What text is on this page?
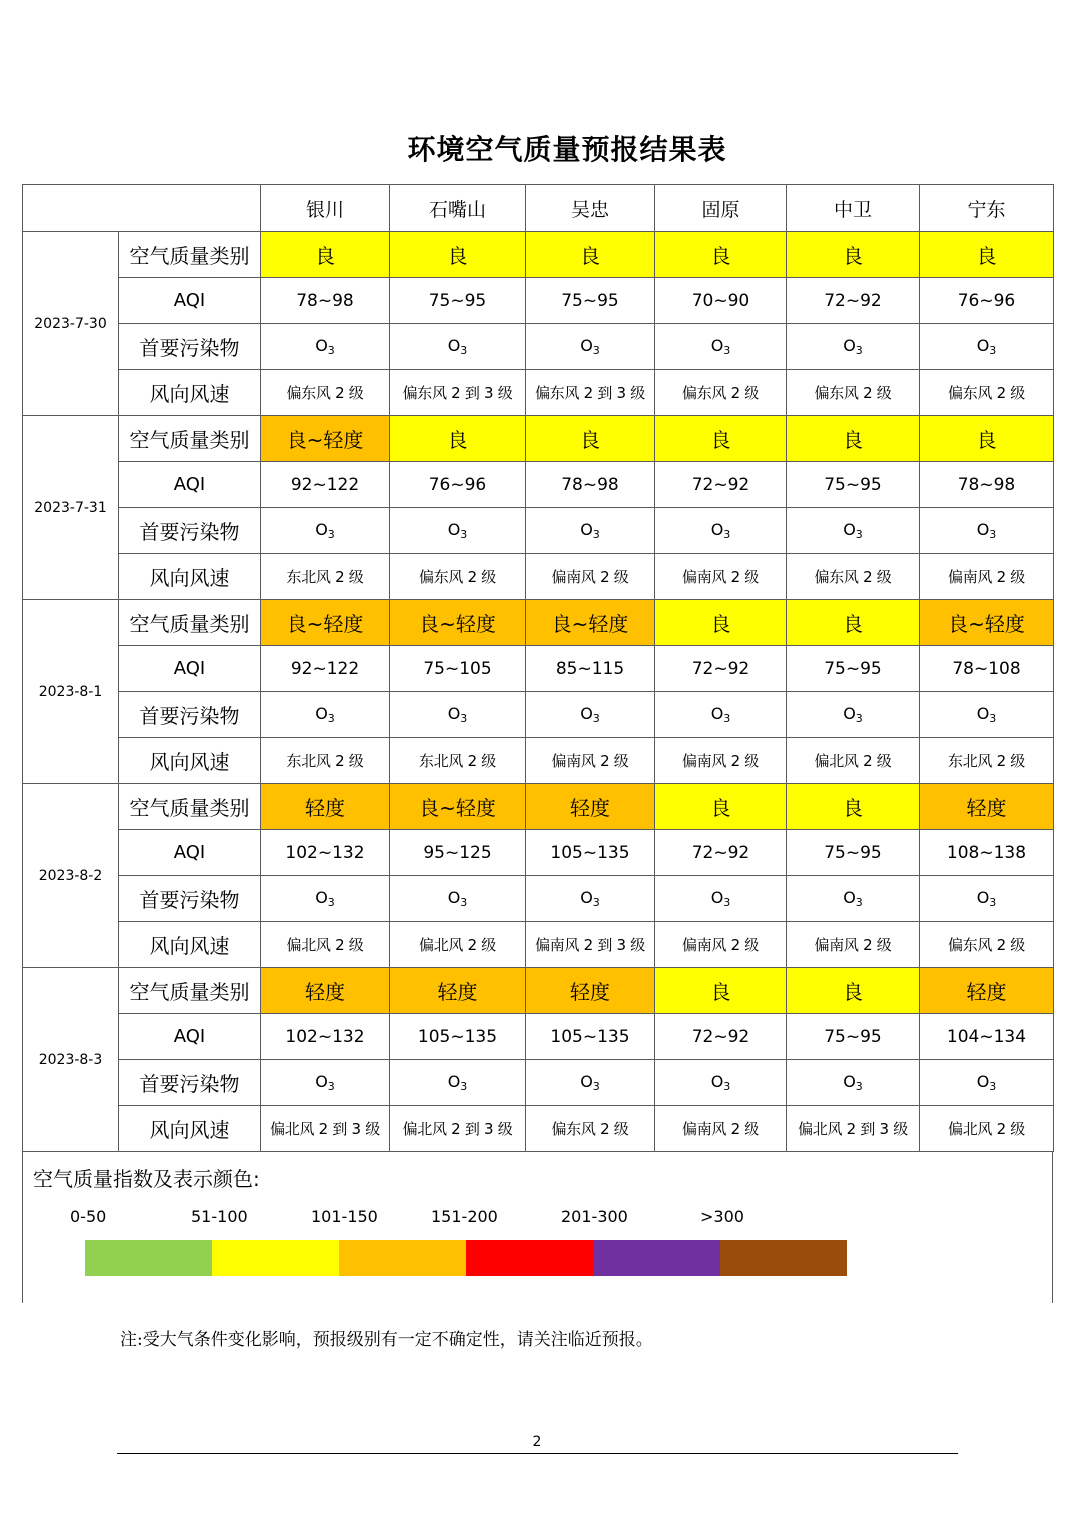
环境空气质量预报结果表
		银川	石嘴山	吴忠	固原	中卫	宁东
2023-7-30	空气质量类别	良	良	良	良	良	良
	AQI	78~98	75~95	75~95	70~90	72~92	76~96
	首要污染物	$O_3$	$O_3$	$O_3$	$O_3$	$O_3$	$O_3$
	风向风速	偏东风 2 级	偏东风 2 到 3 级	偏东风 2 到 3 级	偏东风 2 级	偏东风 2 级	偏东风 2 级
2023-7-31	空气质量类别	良~轻度	良	良	良	良	良
	AQI	92~122	76~96	78~98	72~92	75~95	78~98
	首要污染物	$O_3$	$O_3$	$O_3$	$O_3$	$O_3$	$O_3$
	风向风速	东北风 2 级	偏东风 2 级	偏南风 2 级	偏南风 2 级	偏东风 2 级	偏南风 2 级
2023-8-1	空气质量类别	良~轻度	良~轻度	良~轻度	良	良	良~轻度
	AQI	92~122	75~105	85~115	72~92	75~95	78~108
	首要污染物	$O_3$	$O_3$	$O_3$	$O_3$	$O_3$	$O_3$
	风向风速	东北风 2 级	东北风 2 级	偏南风 2 级	偏南风 2 级	偏北风 2 级	东北风 2 级
2023-8-2	空气质量类别	轻度	良~轻度	轻度	良	良	轻度
	AQI	102~132	95~125	105~135	72~92	75~95	108~138
	首要污染物	$O_3$	$O_3$	$O_3$	$O_3$	$O_3$	$O_3$
	风向风速	偏北风 2 级	偏北风 2 级	偏南风 2 到 3 级	偏南风 2 级	偏南风 2 级	偏东风 2 级
2023-8-3	空气质量类别	轻度	轻度	轻度	良	良	轻度
	AQI	102~132	105~135	105~135	72~92	75~95	104~134
	首要污染物	$O_3$	$O_3$	$O_3$	$O_3$	$O_3$	$O_3$
	风向风速	偏北风 2 到 3 级	偏北风 2 到 3 级	偏东风 2 级	偏南风 2 级	偏北风 2 到 3 级	偏北风 2 级

空气质量指数及表示颜色:

0-50	51-100	101-150	151-200	201-300	>300

注:受大气条件变化影响，预报级别有一定不确定性，请关注临近预报。

2
